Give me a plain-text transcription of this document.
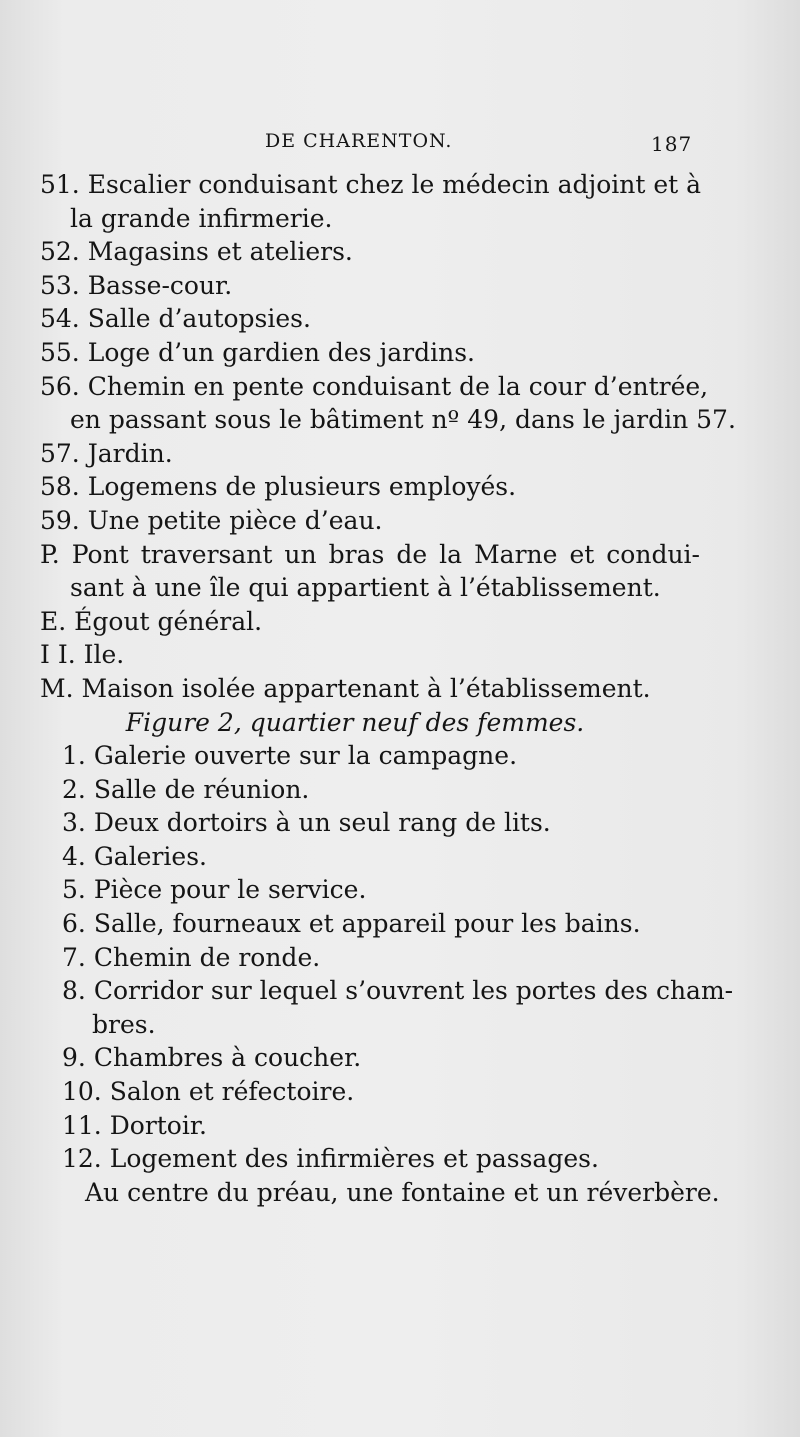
DE CHARENTON.	187
51. Escalier conduisant chez le médecin adjoint et à
la grande infirmerie.
52. Magasins et ateliers.
53. Basse-cour.
54. Salle d’autopsies.
55. Loge d’un gardien des jardins.
56. Chemin en pente conduisant de la cour d’entrée,
en passant sous le bâtiment nº 49, dans le jardin 57.
57. Jardin.
58. Logemens de plusieurs employés.
59. Une petite pièce d’eau.
P. Pont traversant un bras de la Marne et condui-
sant à une île qui appartient à l’établissement.
E. Égout général.
I I. Ile.
M. Maison isolée appartenant à l’établissement.
Figure 2, quartier neuf des femmes.
1. Galerie ouverte sur la campagne.
2. Salle de réunion.
3. Deux dortoirs à un seul rang de lits.
4. Galeries.
5. Pièce pour le service.
6. Salle, fourneaux et appareil pour les bains.
7. Chemin de ronde.
8. Corridor sur lequel s’ouvrent les portes des cham-
bres.
9. Chambres à coucher.
10. Salon et réfectoire.
11. Dortoir.
12. Logement des infirmières et passages.
Au centre du préau, une fontaine et un réverbère.
